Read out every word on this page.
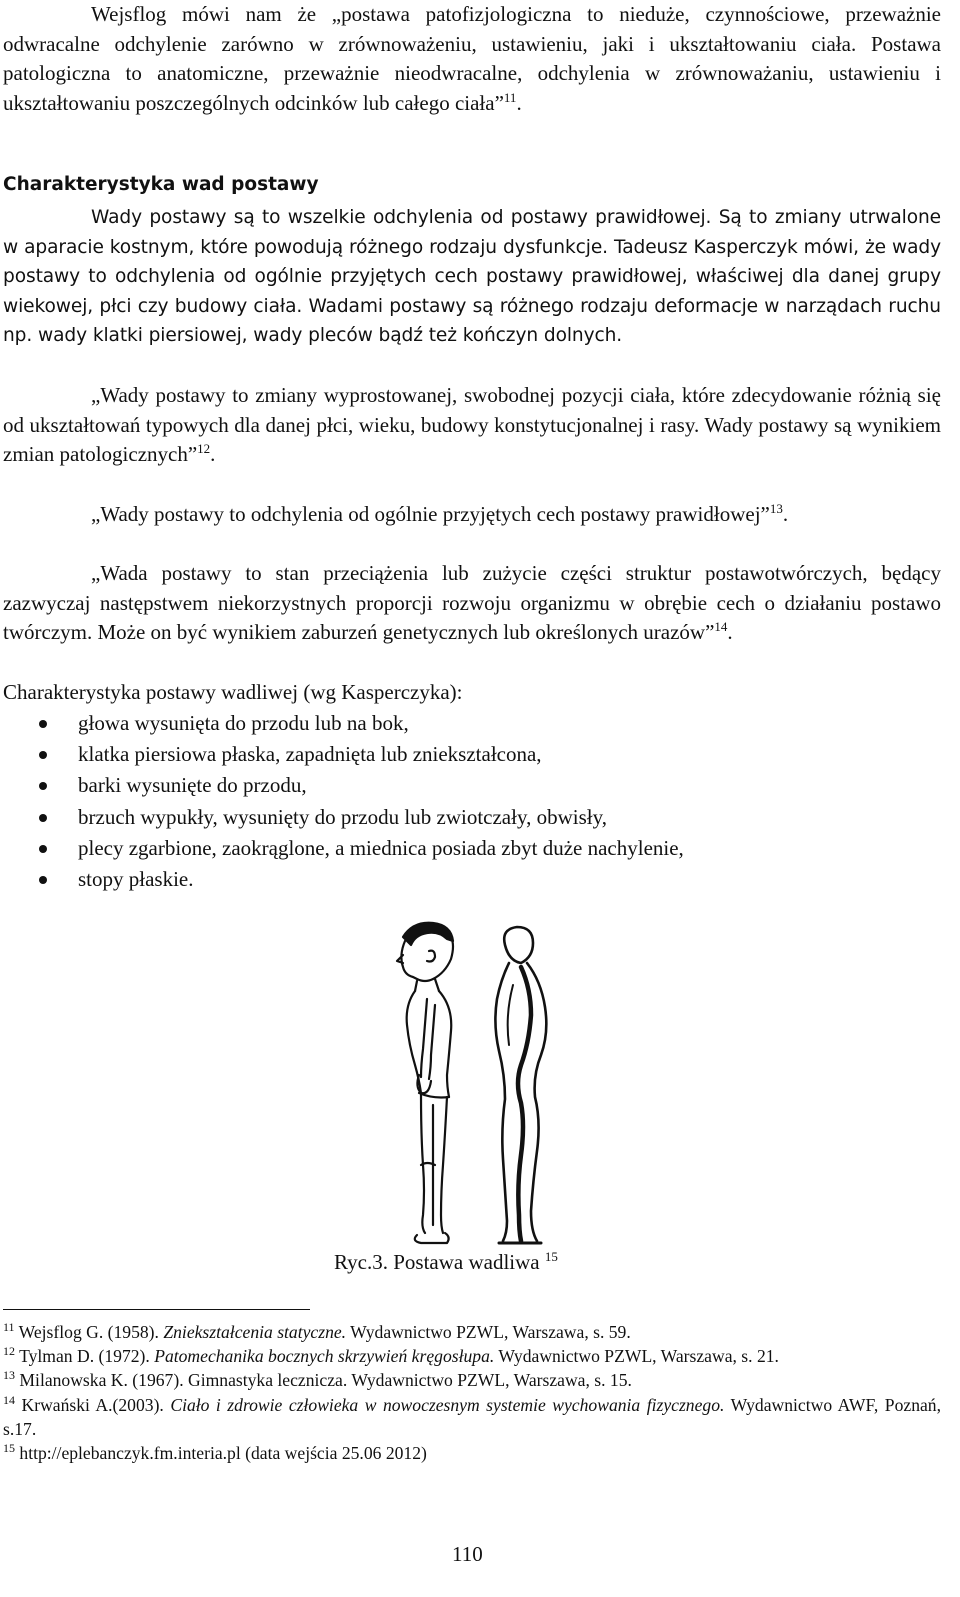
Wejsflog mówi nam że „postawa patofizjologiczna to nieduże, czynnościowe, przeważnie odwracalne odchylenie zarówno w zrównoważeniu, ustawieniu, jaki i ukształtowaniu ciała. Postawa patologiczna to anatomiczne, przeważnie nieodwracalne, odchylenia w zrównoważaniu, ustawieniu i ukształtowaniu poszczególnych odcinków lub całego ciała”$^{11}$.

Charakterystyka wad postawy

Wady postawy są to wszelkie odchylenia od postawy prawidłowej. Są to zmiany utrwalone w aparacie kostnym, które powodują różnego rodzaju dysfunkcje. Tadeusz Kasperczyk mówi, że wady postawy to odchylenia od ogólnie przyjętych cech postawy prawidłowej, właściwej dla danej grupy wiekowej, płci czy budowy ciała. Wadami postawy są różnego rodzaju deformacje w narządach ruchu np. wady klatki piersiowej, wady pleców bądź też kończyn dolnych.

„Wady postawy to zmiany wyprostowanej, swobodnej pozycji ciała, które zdecydowanie różnią się od ukształtowań typowych dla danej płci, wieku, budowy konstytucjonalnej i rasy. Wady postawy są wynikiem zmian patologicznych”$^{12}$.

„Wady postawy to odchylenia od ogólnie przyjętych cech postawy prawidłowej”$^{13}$.

„Wada postawy to stan przeciążenia lub zużycie części struktur postawotwórczych, będący zazwyczaj następstwem niekorzystnych proporcji rozwoju organizmu w obrębie cech o działaniu postawo twórczym. Może on być wynikiem zaburzeń genetycznych lub określonych urazów”$^{14}$.

Charakterystyka postawy wadliwej (wg Kasperczyka):

głowa wysunięta do przodu lub na bok,
klatka piersiowa płaska, zapadnięta lub zniekształcona,
barki wysunięte do przodu,
brzuch wypukły, wysunięty do przodu lub zwiotczały, obwisły,
plecy zgarbione, zaokrąglone, a miednica posiada zbyt duże nachylenie,
stopy płaskie.

Ryc.3. Postawa wadliwa $^{15}$

$^{11}$ Wejsflog G. (1958). Zniekształcenia statyczne. Wydawnictwo PZWL, Warszawa, s. 59.

$^{12}$ Tylman D. (1972). Patomechanika bocznych skrzywień kręgosłupa. Wydawnictwo PZWL, Warszawa, s. 21.

$^{13}$ Milanowska K. (1967). Gimnastyka lecznicza. Wydawnictwo PZWL, Warszawa, s. 15.

$^{14}$ Krwański A.(2003). Ciało i zdrowie człowieka w nowoczesnym systemie wychowania fizycznego. Wydawnictwo AWF, Poznań, s.17.

$^{15}$ http://eplebanczyk.fm.interia.pl (data wejścia 25.06 2012)

110
